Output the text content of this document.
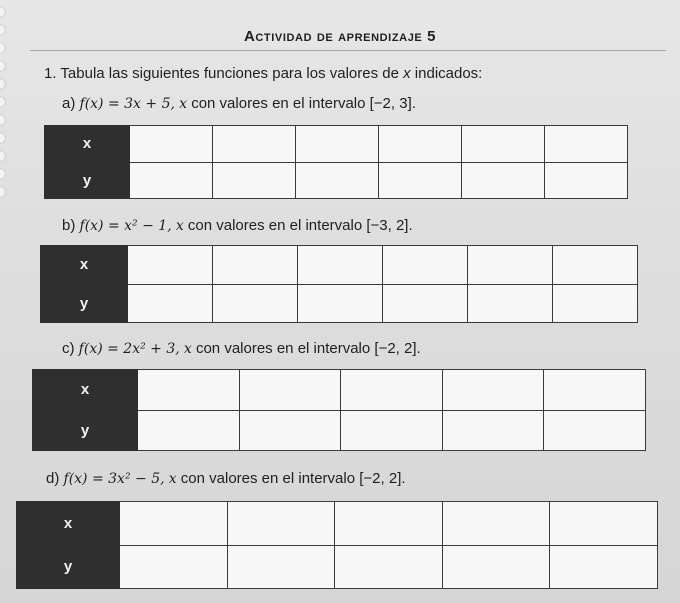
Actividad de aprendizaje 5
1. Tabula las siguientes funciones para los valores de x indicados:
a) f(x) = 3x + 5, x con valores en el intervalo [−2, 3].
x						
y						
b) f(x) = x² − 1, x con valores en el intervalo [−3, 2].
x						
y						
c) f(x) = 2x² + 3, x con valores en el intervalo [−2, 2].
x					
y					
d) f(x) = 3x² − 5, x con valores en el intervalo [−2, 2].
x					
y					
